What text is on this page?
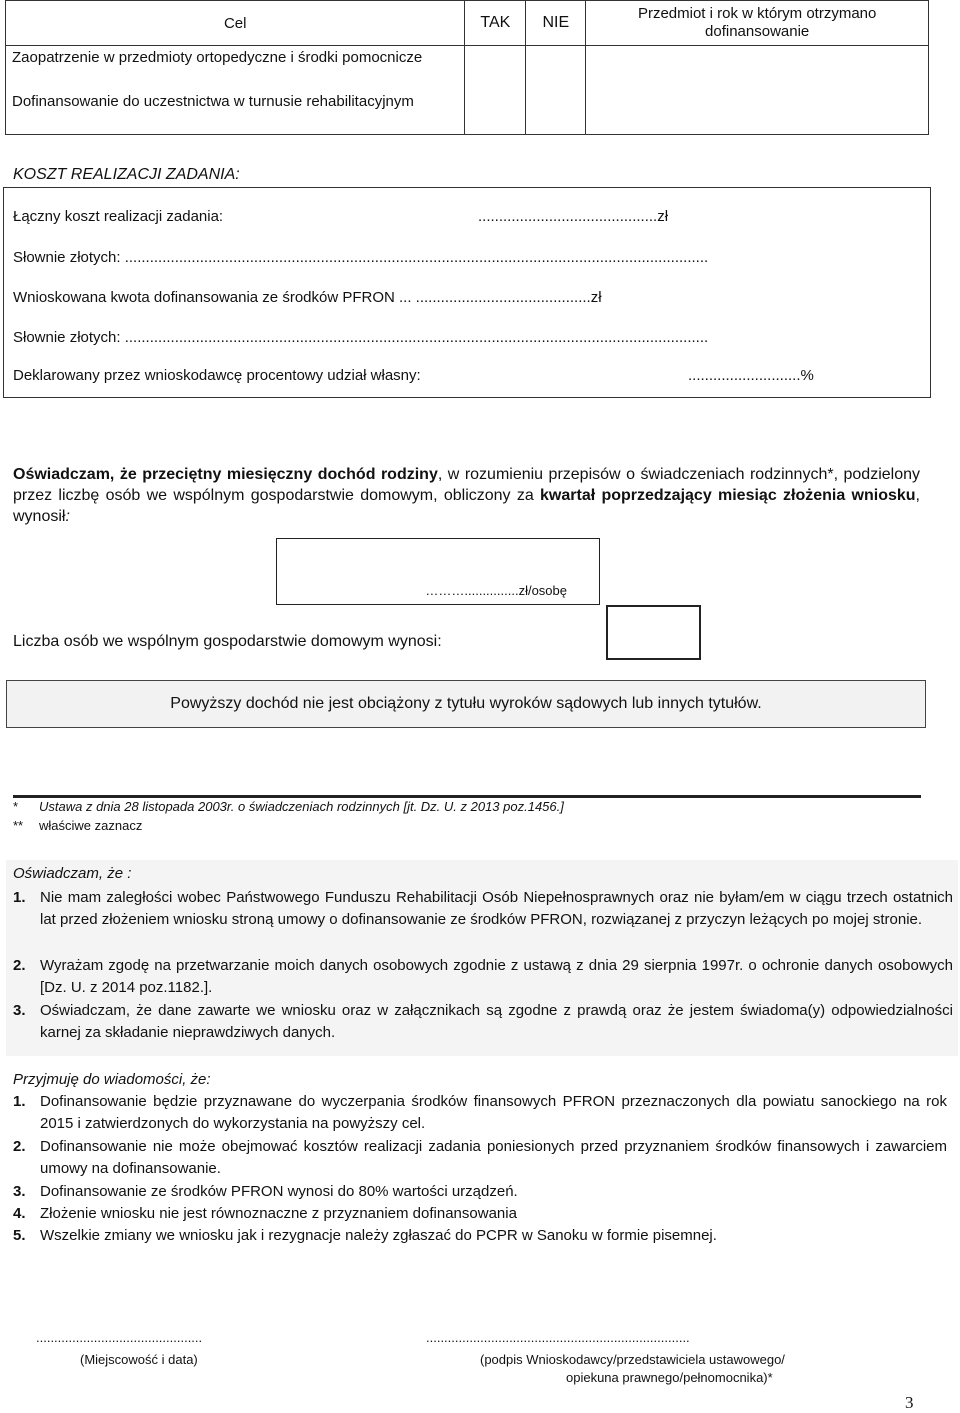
Cel	TAK	NIE	Przedmiot i rok w którym otrzymano dofinansowanie
Zaopatrzenie w przedmioty ortopedyczne i środki pomocnicze			
Dofinansowanie do uczestnictwa w turnusie rehabilitacyjnym			
KOSZT REALIZACJI ZADANIA:
Łączny koszt realizacji zadania:	...........................................zł
Słownie złotych: ............................................................................................................................................
Wnioskowana kwota dofinansowania ze środków PFRON ... ..........................................zł
Słownie złotych: ............................................................................................................................................
Deklarowany przez wnioskodawcę procentowy udział własny:	...........................%
Oświadczam, że przeciętny miesięczny dochód rodziny, w rozumieniu przepisów o świadczeniach rodzinnych*, podzielony przez liczbę osób we wspólnym gospodarstwie domowym, obliczony za kwartał poprzedzający miesiąc złożenia wniosku, wynosił:
………...............zł/osobę
Liczba osób we wspólnym gospodarstwie domowym wynosi:
Powyższy dochód nie jest obciążony z tytułu wyroków sądowych lub innych tytułów.
* Ustawa z dnia 28 listopada 2003r. o świadczeniach rodzinnych [jt. Dz. U. z 2013 poz.1456.]
** właściwe zaznacz
Oświadczam, że :
1. Nie mam zaległości wobec Państwowego Funduszu Rehabilitacji Osób Niepełnosprawnych oraz nie byłam/em w ciągu trzech ostatnich lat przed złożeniem wniosku stroną umowy o dofinansowanie ze środków PFRON, rozwiązanej z przyczyn leżących po mojej stronie.
2. Wyrażam zgodę na przetwarzanie moich danych osobowych zgodnie z ustawą z dnia 29 sierpnia 1997r. o ochronie danych osobowych [Dz. U. z 2014 poz.1182.].
3. Oświadczam, że dane zawarte we wniosku oraz w załącznikach są zgodne z prawdą oraz że jestem świadoma(y) odpowiedzialności karnej za składanie nieprawdziwych danych.
Przyjmuję do wiadomości, że:
1. Dofinansowanie będzie przyznawane do wyczerpania środków finansowych PFRON przeznaczonych dla powiatu sanockiego na rok 2015 i zatwierdzonych do wykorzystania na powyższy cel.
2. Dofinansowanie nie może obejmować kosztów realizacji zadania poniesionych przed przyznaniem środków finansowych i zawarciem umowy na dofinansowanie.
3. Dofinansowanie ze środków PFRON wynosi do 80% wartości urządzeń.
4. Złożenie wniosku nie jest równoznaczne z przyznaniem dofinansowania
5. Wszelkie zmiany we wniosku jak i rezygnacje należy zgłaszać do PCPR w Sanoku w formie pisemnej.
..............................................
(Miejscowość i data)
.........................................................................
(podpis Wnioskodawcy/przedstawiciela ustawowego/
opiekuna prawnego/pełnomocnika)*
3
